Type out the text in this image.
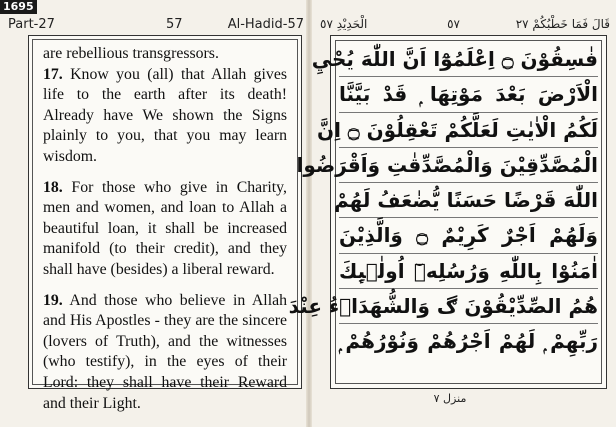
1695
Part-27	57	Al-Hadid-57	قَالَ فَمَا خَطْبُكُمْ ٢٧
٥٧
الْحَدِيْدِ ٥٧

are rebellious transgressors.

17. Know you (all) that Allah gives life to the earth after its death! Already have We shown the Signs plainly to you, that you may learn wisdom.

18. For those who give in Charity, men and women, and loan to Allah a beautiful loan, it shall be increased manifold (to their credit), and they shall have (besides) a liberal reward.

19. And those who believe in Allah and His Apostles - they are the sincere (lovers of Truth), and the witnesses (who testify), in the eyes of their Lord: they shall have their Reward and their Light.

فٰسِقُوْنَ ۝ اِعْلَمُوْٓا اَنَّ اللّٰهَ يُحْيِ
الْاَرْضَ بَعْدَ مَوْتِهَا ۭ قَدْ بَيَّنَّا
لَكُمُ الْاٰيٰتِ لَعَلَّكُمْ تَعْقِلُوْنَ ۝ اِنَّ
الْمُصَّدِّقِيْنَ وَالْمُصَّدِّقٰتِ وَاَقْرَضُوا
اللّٰهَ قَرْضًا حَسَنًا يُّضٰعَفُ لَهُمْ
وَلَهُمْ اَجْرٌ كَرِيْمٌ ۝ وَالَّذِيْنَ
اٰمَنُوْا بِاللّٰهِ وَرُسُلِهٖٓ اُولٰۗىِٕكَ
هُمُ الصِّدِّيْقُوْنَ ڰ وَالشُّهَدَاۗءُ عِنْدَ
رَبِّهِمْ ۭ لَهُمْ اَجْرُهُمْ وَنُوْرُهُمْ ۭ
منزل ٧
